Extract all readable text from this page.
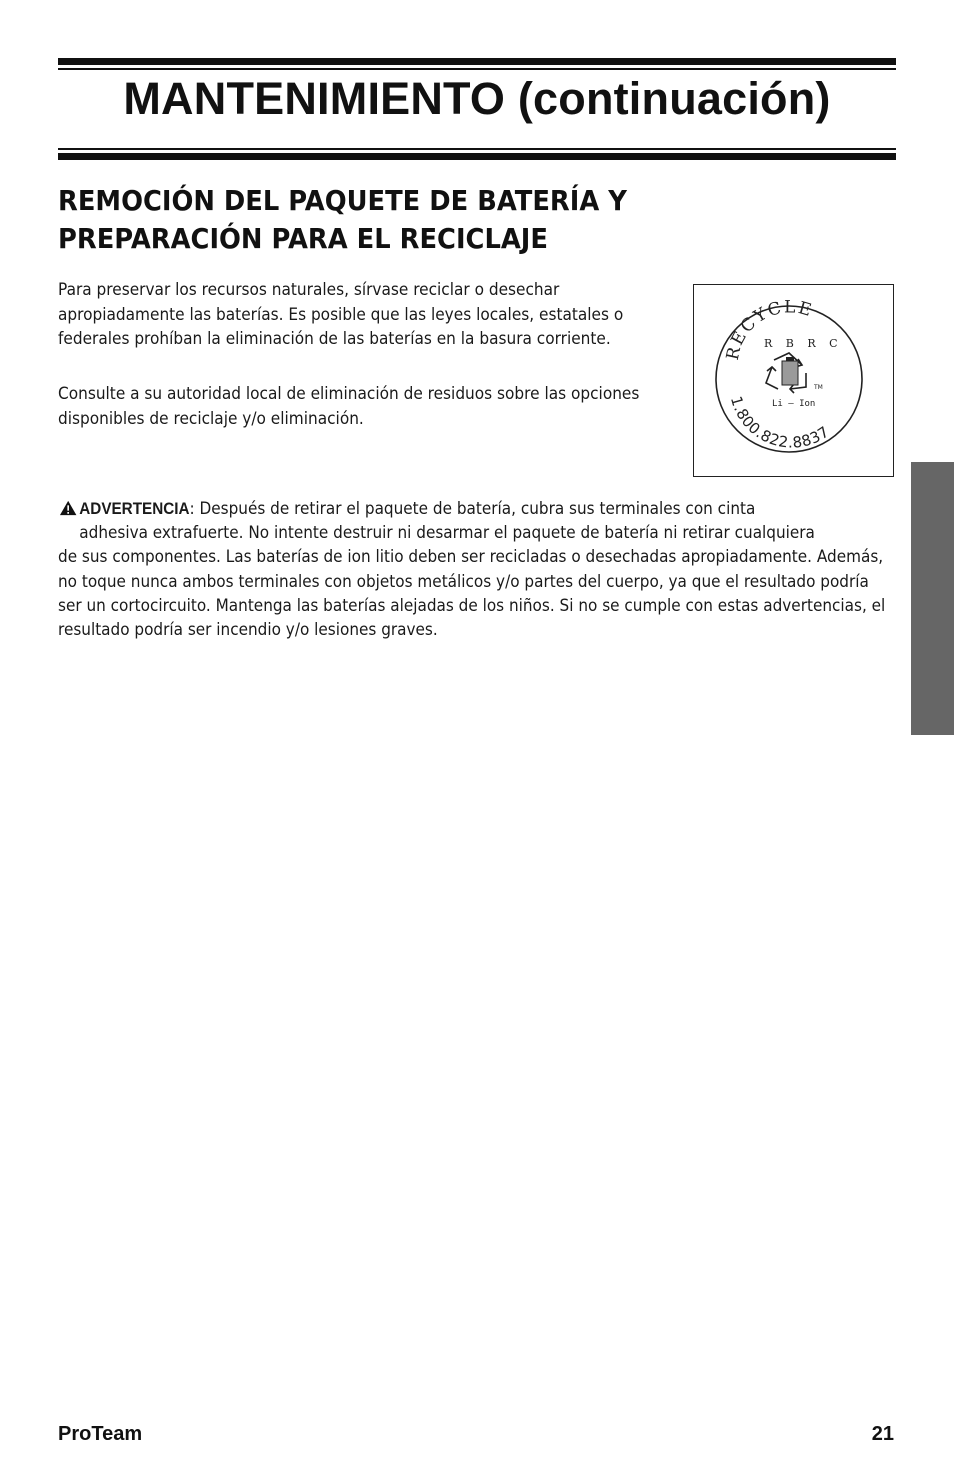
MANTENIMIENTO (continuación)
REMOCIÓN DEL PAQUETE DE BATERÍA Y PREPARACIÓN PARA EL RECICLAJE

Para preservar los recursos naturales, sírvase reciclar o desechar apropiadamente las baterías. Es posible que las leyes locales, estatales o federales prohíban la eliminación de las baterías en la basura corriente.

Consulte a su autoridad local de eliminación de residuos sobre las opciones disponibles de reciclaje y/o eliminación.

RECYCLE
R B R C
TM
Li – Ion
1.800.822.8837
ADVERTENCIA: Después de retirar el paquete de batería, cubra sus terminales con cinta
adhesiva extrafuerte. No intente destruir ni desarmar el paquete de batería ni retirar cualquiera
de sus componentes. Las baterías de ion litio deben ser recicladas o desechadas apropiadamente. Además, no toque nunca ambos terminales con objetos metálicos y/o partes del cuerpo, ya que el resultado podría ser un cortocircuito. Mantenga las baterías alejadas de los niños. Si no se cumple con estas advertencias, el resultado podría ser incendio y/o lesiones graves.
ProTeam	21
